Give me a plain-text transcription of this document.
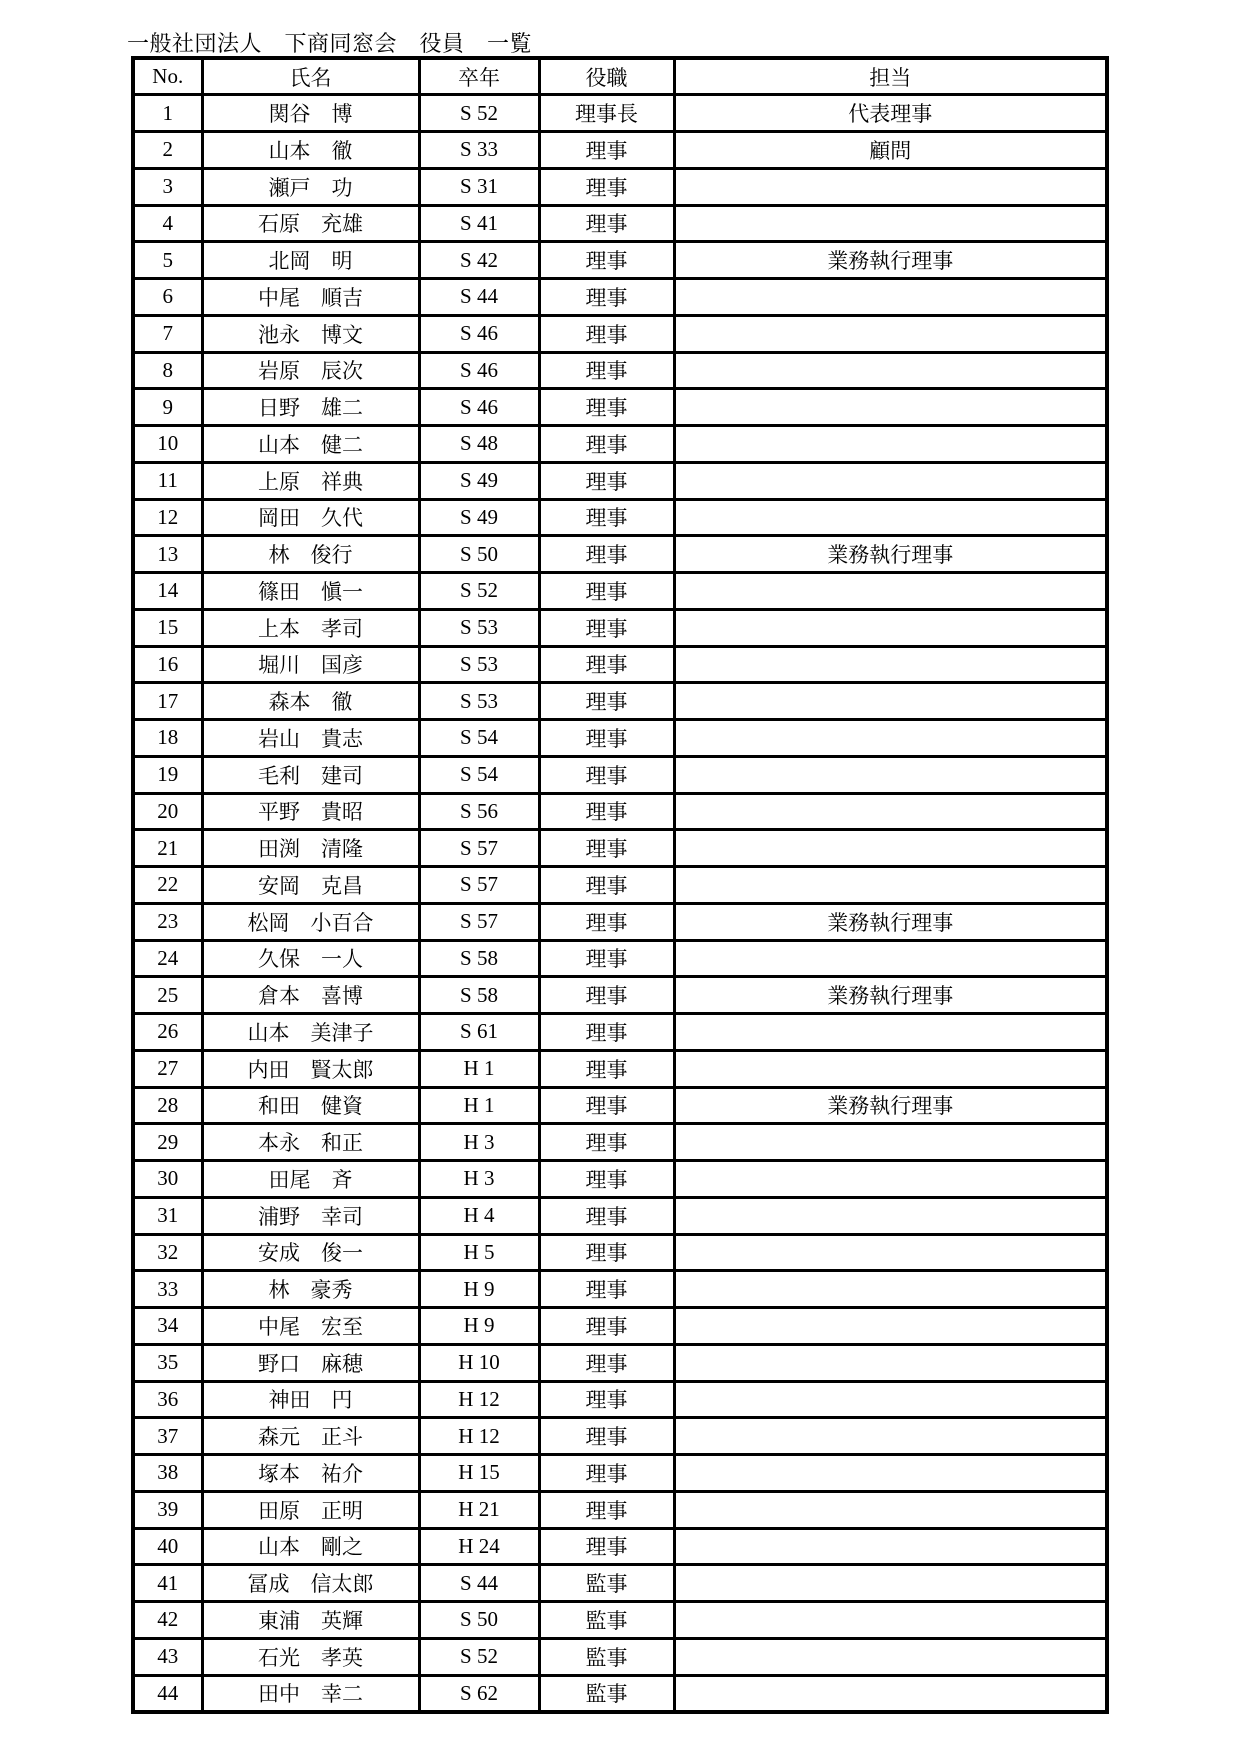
一般社団法人　下商同窓会　役員　一覧
No.	氏名	卒年	役職	担当
1	関谷　博	S 52	理事長	代表理事
2	山本　徹	S 33	理事	顧問
3	瀬戸　功	S 31	理事	
4	石原　充雄	S 41	理事	
5	北岡　明	S 42	理事	業務執行理事
6	中尾　順吉	S 44	理事	
7	池永　博文	S 46	理事	
8	岩原　辰次	S 46	理事	
9	日野　雄二	S 46	理事	
10	山本　健二	S 48	理事	
11	上原　祥典	S 49	理事	
12	岡田　久代	S 49	理事	
13	林　俊行	S 50	理事	業務執行理事
14	篠田　愼一	S 52	理事	
15	上本　孝司	S 53	理事	
16	堀川　国彦	S 53	理事	
17	森本　徹	S 53	理事	
18	岩山　貴志	S 54	理事	
19	毛利　建司	S 54	理事	
20	平野　貴昭	S 56	理事	
21	田渕　清隆	S 57	理事	
22	安岡　克昌	S 57	理事	
23	松岡　小百合	S 57	理事	業務執行理事
24	久保　一人	S 58	理事	
25	倉本　喜博	S 58	理事	業務執行理事
26	山本　美津子	S 61	理事	
27	内田　賢太郎	H 1	理事	
28	和田　健資	H 1	理事	業務執行理事
29	本永　和正	H 3	理事	
30	田尾　斉	H 3	理事	
31	浦野　幸司	H 4	理事	
32	安成　俊一	H 5	理事	
33	林　豪秀	H 9	理事	
34	中尾　宏至	H 9	理事	
35	野口　麻穂	H 10	理事	
36	神田　円	H 12	理事	
37	森元　正斗	H 12	理事	
38	塚本　祐介	H 15	理事	
39	田原　正明	H 21	理事	
40	山本　剛之	H 24	理事	
41	冨成　信太郎	S 44	監事	
42	東浦　英輝	S 50	監事	
43	石光　孝英	S 52	監事	
44	田中　幸二	S 62	監事	
